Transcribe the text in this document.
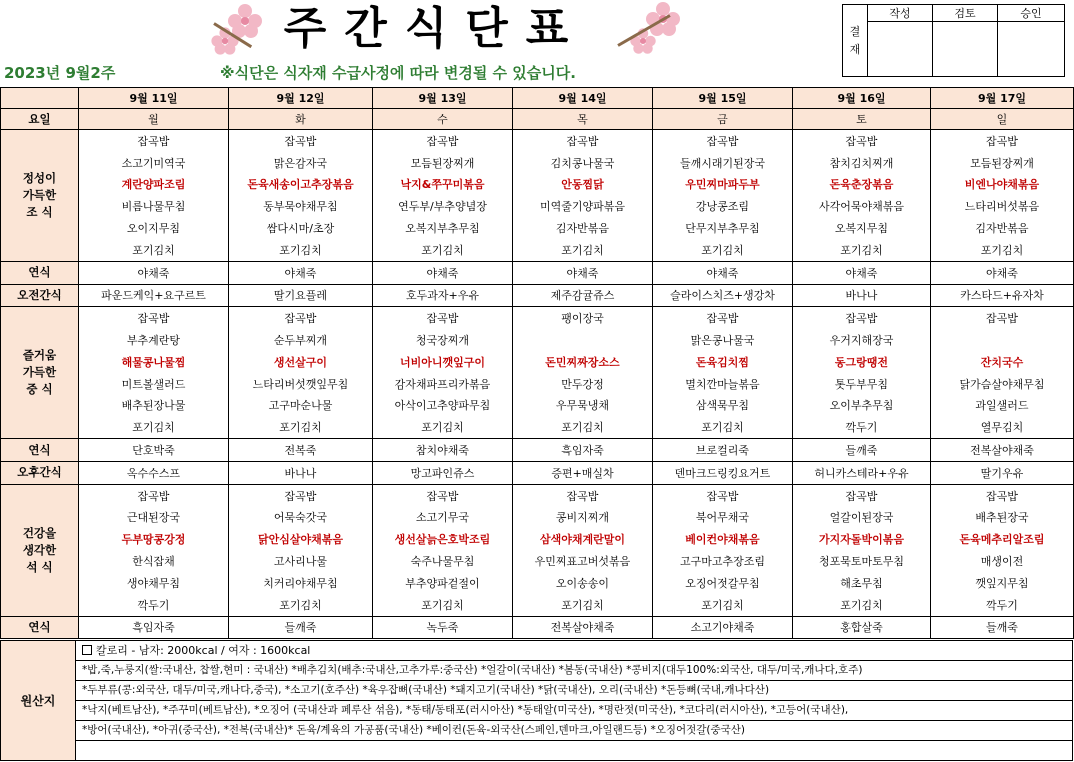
주간식단표
2023년 9월2주	※식단은 식자재 수급사정에 따라 변경될 수 있습니다.
결
재	작성	검토	승인

	9월 11일	9월 12일	9월 13일	9월 14일	9월 15일	9월 16일	9월 17일
요일	월	화	수	목	금	토	일
정성이
가득한
조 식	잡곡밥	잡곡밥	잡곡밥	잡곡밥	잡곡밥	잡곡밥	잡곡밥
	소고기미역국	맑은감자국	모듬된장찌개	김치콩나물국	들깨시래기된장국	참치김치찌개	모듬된장찌개
	계란양파조림	돈육새송이고추장볶음	낙지&쭈꾸미볶음	안동찜닭	우민찌마파두부	돈육춘장볶음	비엔나야채볶음
	비름나물무침	동부묵야채무침	연두부/부추양념장	미역줄기양파볶음	강낭콩조림	사각어묵야채볶음	느타리버섯볶음
	오이지무침	쌈다시마/초장	오복지부추무침	김자반볶음	단무지부추무침	오복지무침	김자반볶음
	포기김치	포기김치	포기김치	포기김치	포기김치	포기김치	포기김치
연식	야채죽	야채죽	야채죽	야채죽	야채죽	야채죽	야채죽
오전간식	파운드케익+요구르트	딸기요플레	호두과자+우유	제주감귤쥬스	슬라이스치즈+생강차	바나나	카스타드+유자차
즐거움
가득한
중 식	잡곡밥	잡곡밥	잡곡밥	팽이장국	잡곡밥	잡곡밥	잡곡밥
	부추계란탕	순두부찌개	청국장찌개		맑은콩나물국	우거지해장국	
	해물콩나물찜	생선살구이	너비아니깻잎구이	돈민찌짜장소스	돈육김치찜	동그랑땡전	잔치국수
	미트볼샐러드	느타리버섯깻잎무침	감자채파프리카볶음	만두강정	멸치깐마늘볶음	톳두부무침	닭가슴살야채무침
	배추된장나물	고구마순나물	아삭이고추양파무침	우무묵냉채	삼색묵무침	오이부추무침	과일샐러드
	포기김치	포기김치	포기김치	포기김치	포기김치	깍두기	열무김치
연식	단호박죽	전복죽	참치야채죽	흑임자죽	브로컬리죽	들깨죽	전복살야채죽
오후간식	옥수수스프	바나나	망고파인쥬스	증편+매실차	덴마크드링킹요거트	허니카스테라+우유	딸기우유
건강을
생각한
석 식	잡곡밥	잡곡밥	잡곡밥	잡곡밥	잡곡밥	잡곡밥	잡곡밥
	근대된장국	어묵숙갓국	소고기무국	콩비지찌개	북어무채국	얼갈이된장국	배추된장국
	두부땅콩강정	닭안심살야채볶음	생선살늙은호박조림	삼색야채계란말이	베이컨야채볶음	가지자돌박이볶음	돈육메추리알조림
	한식잡채	고사리나물	숙주나물무침	우민찌표고버섯볶음	고구마고추장조림	청포묵토마토무침	매생이전
	생야채무침	치커리야채무침	부추양파겉절이	오이송송이	오징어젓갈무침	해초무침	깻잎지무침
	깍두기	포기김치	포기김치	포기김치	포기김치	포기김치	깍두기
연식	흑임자죽	들깨죽	녹두죽	전복살야채죽	소고기야채죽	홍합살죽	들깨죽
원산지
칼로리 - 남자: 2000kcal / 여자 : 1600kcal
*밥,죽,누룽지(쌀:국내산, 찹쌀,현미 : 국내산) *배추김치(배추:국내산,고추가루:중국산) *얼갈이(국내산) *봄동(국내산) *콩비지(대두100%:외국산, 대두/미국,캐나다,호주)
*두부류(콩:외국산, 대두/미국,캐나다,중국), *소고기(호주산) *육우잡뼈(국내산) *돼지고기(국내산) *닭(국내산), 오리(국내산) *돈등뼈(국내,캐나다산)
*낙지(베트남산), *주꾸미(베트남산), *오징어 (국내산과 페루산 섞음), *동태/동태포(러시아산) *동태알(미국산), *명란젓(미국산), *코다리(러시아산), *고등어(국내산),
*방어(국내산), *아귀(중국산), *전복(국내산)* 돈육/계육의 가공품(국내산) *베이컨(돈육-외국산(스페인,덴마크,아일랜드등) *오징어젓갈(중국산)
